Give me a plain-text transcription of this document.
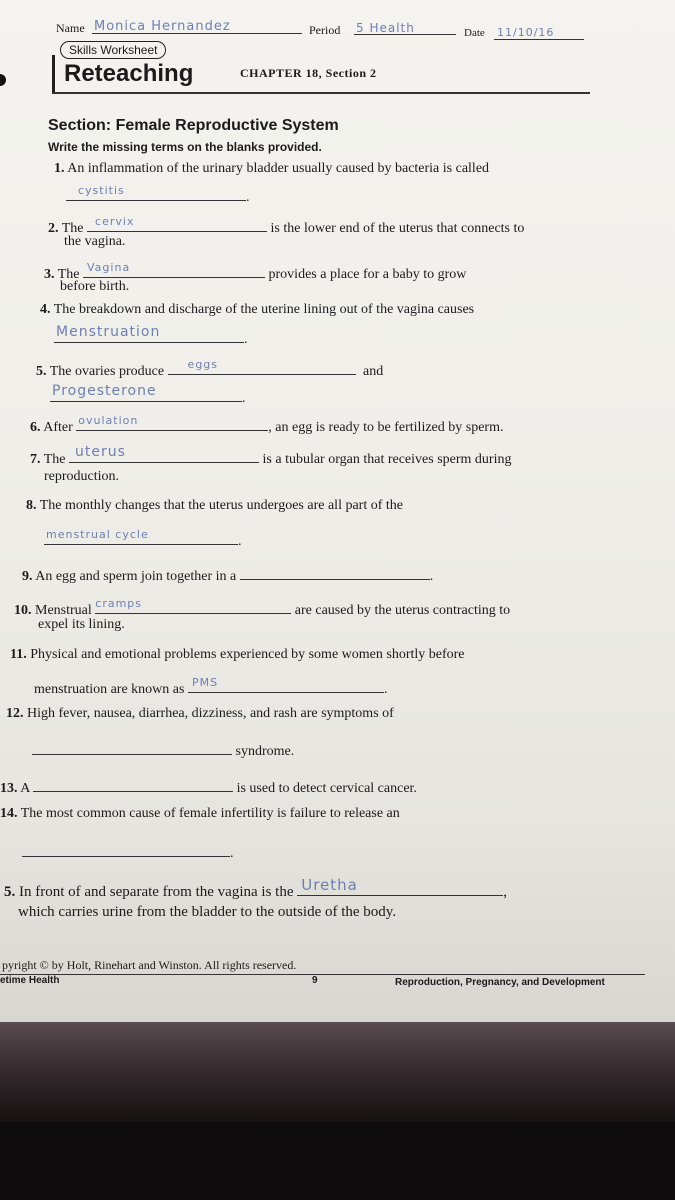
Name Monica Hernandez	Period 5 Health	Date 11/10/16
Skills Worksheet
Reteaching	CHAPTER 18, Section 2
Section: Female Reproductive System
Write the missing terms on the blanks provided.
1. An inflammation of the urinary bladder usually caused by bacteria is called
cystitis	.
2. The cervix	is the lower end of the uterus that connects to
the vagina.
3. The Vagina	provides a place for a baby to grow
before birth.
4. The breakdown and discharge of the uterine lining out of the vagina causes
Menstruation	.
5. The ovaries produce eggs	and
Progesterone	.
6. After ovulation	, an egg is ready to be fertilized by sperm.
7. The uterus	is a tubular organ that receives sperm during
reproduction.
8. The monthly changes that the uterus undergoes are all part of the
menstrual cycle	.
9. An egg and sperm join together in a	.
10. Menstrual cramps	are caused by the uterus contracting to
expel its lining.
11. Physical and emotional problems experienced by some women shortly before
menstruation are known as PMS	.
12. High fever, nausea, diarrhea, dizziness, and rash are symptoms of
syndrome.
13. A	is used to detect cervical cancer.
14. The most common cause of female infertility is failure to release an
.
5. In front of and separate from the vagina is the Uretha	,
which carries urine from the bladder to the outside of the body.
pyright © by Holt, Rinehart and Winston. All rights reserved.
etime Health	9	Reproduction, Pregnancy, and Development
